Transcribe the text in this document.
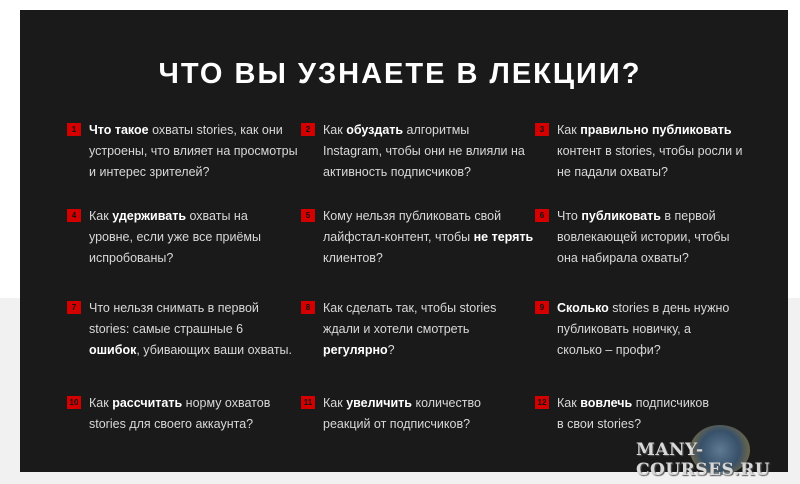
ЧТО ВЫ УЗНАЕТЕ В ЛЕКЦИИ?
1	Что такое охваты stories, как они
устроены, что влияет на просмотры
и интерес зрителей?
2	Как обуздать алгоритмы
Instagram, чтобы они не влияли на
активность подписчиков?
3	Как правильно публиковать
контент в stories, чтобы росли и
не падали охваты?
4	Как удерживать охваты на
уровне, если уже все приёмы
испробованы?
5	Кому нельзя публиковать свой
лайфстал-контент, чтобы не терять
клиентов?
6	Что публиковать в первой
вовлекающей истории, чтобы
она набирала охваты?
7	Что нельзя снимать в первой
stories: самые страшные 6
ошибок, убивающих ваши охваты.
8	Как сделать так, чтобы stories
ждали и хотели смотреть
регулярно?
9	Сколько stories в день нужно
публиковать новичку, а
сколько – профи?
10 Как рассчитать норму охватов
stories для своего аккаунта?
11 Как увеличить количество
реакций от подписчиков?
12 Как вовлечь подписчиков
в свои stories?
MANY-COURSES.RU
